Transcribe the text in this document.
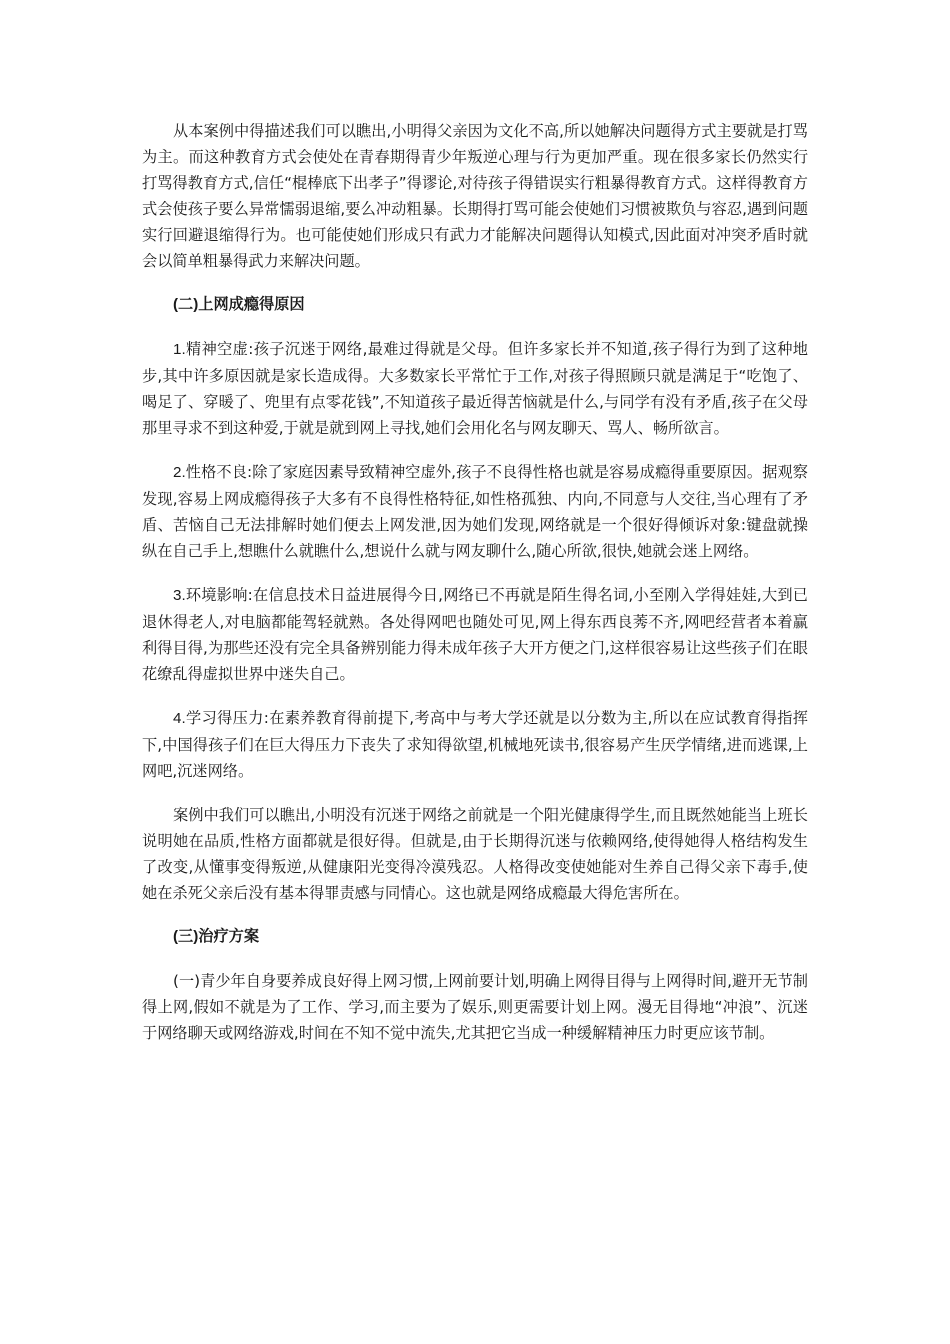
从本案例中得描述我们可以瞧出,小明得父亲因为文化不高,所以她解决问题得方式主要就是打骂为主。而这种教育方式会使处在青春期得青少年叛逆心理与行为更加严重。现在很多家长仍然实行打骂得教育方式,信任“棍棒底下出孝子”得谬论,对待孩子得错误实行粗暴得教育方式。这样得教育方式会使孩子要么异常懦弱退缩,要么冲动粗暴。长期得打骂可能会使她们习惯被欺负与容忍,遇到问题实行回避退缩得行为。也可能使她们形成只有武力才能解决问题得认知模式,因此面对冲突矛盾时就会以简单粗暴得武力来解决问题。

(二)上网成瘾得原因

1.精神空虚:孩子沉迷于网络,最难过得就是父母。但许多家长并不知道,孩子得行为到了这种地步,其中许多原因就是家长造成得。大多数家长平常忙于工作,对孩子得照顾只就是满足于“吃饱了、喝足了、穿暖了、兜里有点零花钱”,不知道孩子最近得苦恼就是什么,与同学有没有矛盾,孩子在父母那里寻求不到这种爱,于就是就到网上寻找,她们会用化名与网友聊天、骂人、畅所欲言。

2.性格不良:除了家庭因素导致精神空虚外,孩子不良得性格也就是容易成瘾得重要原因。据观察发现,容易上网成瘾得孩子大多有不良得性格特征,如性格孤独、内向,不同意与人交往,当心理有了矛盾、苦恼自己无法排解时她们便去上网发泄,因为她们发现,网络就是一个很好得倾诉对象:键盘就操纵在自己手上,想瞧什么就瞧什么,想说什么就与网友聊什么,随心所欲,很快,她就会迷上网络。

3.环境影响:在信息技术日益进展得今日,网络已不再就是陌生得名词,小至刚入学得娃娃,大到已退休得老人,对电脑都能驾轻就熟。各处得网吧也随处可见,网上得东西良莠不齐,网吧经营者本着赢利得目得,为那些还没有完全具备辨别能力得未成年孩子大开方便之门,这样很容易让这些孩子们在眼花缭乱得虚拟世界中迷失自己。

4.学习得压力:在素养教育得前提下,考高中与考大学还就是以分数为主,所以在应试教育得指挥下,中国得孩子们在巨大得压力下丧失了求知得欲望,机械地死读书,很容易产生厌学情绪,进而逃课,上网吧,沉迷网络。

案例中我们可以瞧出,小明没有沉迷于网络之前就是一个阳光健康得学生,而且既然她能当上班长说明她在品质,性格方面都就是很好得。但就是,由于长期得沉迷与依赖网络,使得她得人格结构发生了改变,从懂事变得叛逆,从健康阳光变得冷漠残忍。人格得改变使她能对生养自己得父亲下毒手,使她在杀死父亲后没有基本得罪责感与同情心。这也就是网络成瘾最大得危害所在。

(三)治疗方案

(一)青少年自身要养成良好得上网习惯,上网前要计划,明确上网得目得与上网得时间,避开无节制得上网,假如不就是为了工作、学习,而主要为了娱乐,则更需要计划上网。漫无目得地“冲浪”、沉迷于网络聊天或网络游戏,时间在不知不觉中流失,尤其把它当成一种缓解精神压力时更应该节制。
